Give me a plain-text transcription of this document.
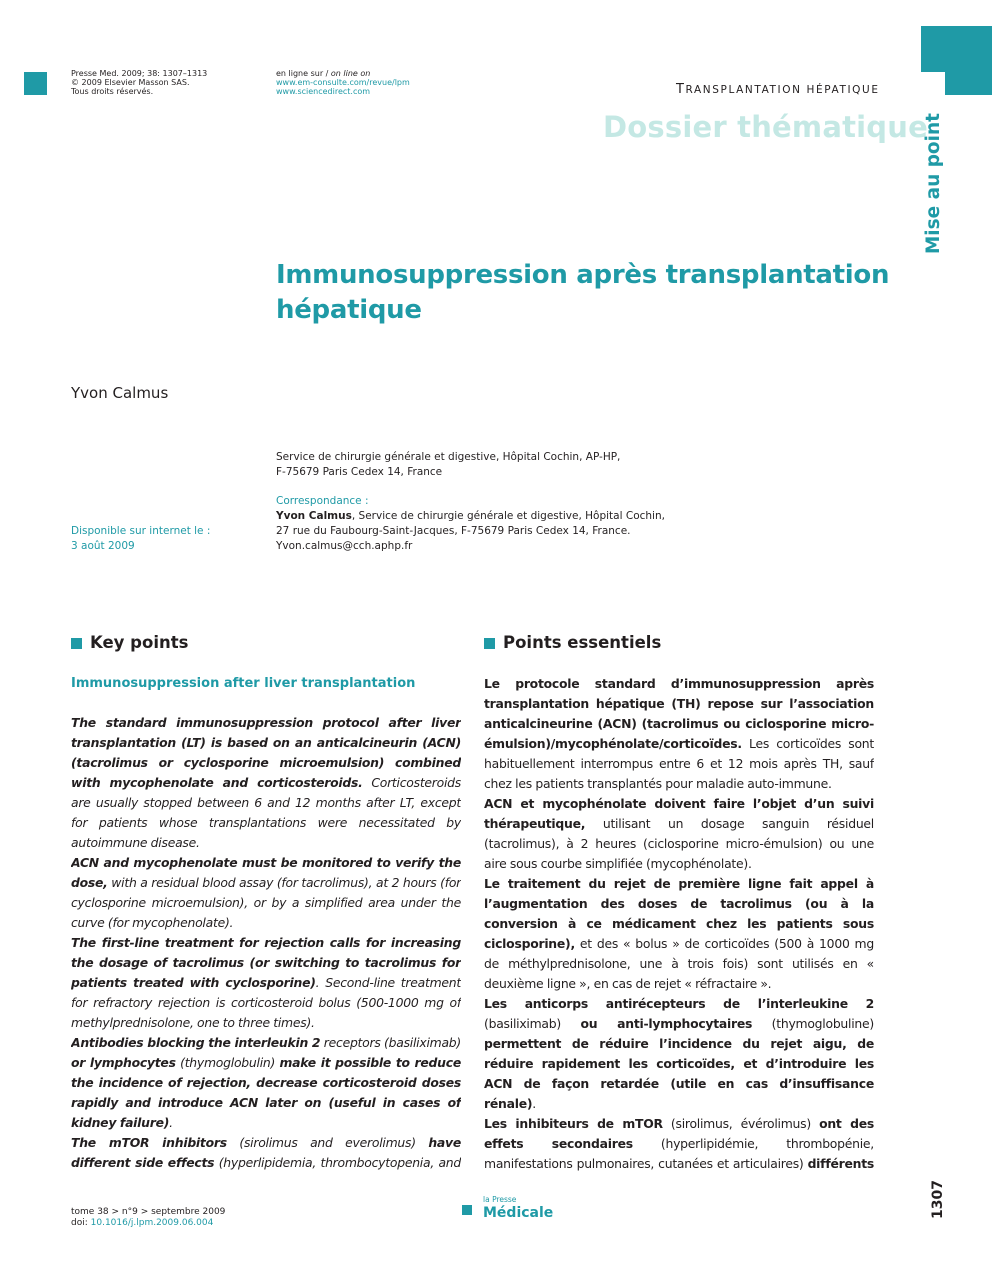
Presse Med. 2009; 38: 1307–1313
© 2009 Elsevier Masson SAS.
Tous droits réservés.
en ligne sur / on line on
www.em-consulte.com/revue/lpm
www.sciencedirect.com	TRANSPLANTATION HÉPATIQUE
Dossier thématique
Mise au point
Immunosuppression après transplantation
hépatique
Yvon Calmus
Service de chirurgie générale et digestive, Hôpital Cochin, AP-HP,
F-75679 Paris Cedex 14, France
Correspondance :
Yvon Calmus, Service de chirurgie générale et digestive, Hôpital Cochin,
27 rue du Faubourg-Saint-Jacques, F-75679 Paris Cedex 14, France.
Yvon.calmus@cch.aphp.fr
Disponible sur internet le :
3 août 2009
Key points
Immunosuppression after liver transplantation

The standard immunosuppression protocol after liver transplantation (LT) is based on an anticalcineurin (ACN) (tacrolimus or cyclosporine microemulsion) combined with mycophenolate and corticosteroids. Corticosteroids are usually stopped between 6 and 12 months after LT, except for patients whose transplantations were necessitated by autoimmune disease.

ACN and mycophenolate must be monitored to verify the dose, with a residual blood assay (for tacrolimus), at 2 hours (for cyclosporine microemulsion), or by a simplified area under the curve (for mycophenolate).

The first-line treatment for rejection calls for increasing the dosage of tacrolimus (or switching to tacrolimus for patients treated with cyclosporine). Second-line treatment for refractory rejection is corticosteroid bolus (500-1000 mg of methylprednisolone, one to three times).

Antibodies blocking the interleukin 2 receptors (basiliximab) or lymphocytes (thymoglobulin) make it possible to reduce the incidence of rejection, decrease corticosteroid doses rapidly and introduce ACN later on (useful in cases of kidney failure).

The mTOR inhibitors (sirolimus and everolimus) have different side effects (hyperlipidemia, thrombocytopenia, and

Points essentiels

Le protocole standard d’immunosuppression après transplantation hépatique (TH) repose sur l’association anticalcineurine (ACN) (tacrolimus ou ciclosporine micro-émulsion)/mycophénolate/corticoïdes. Les corticoïdes sont habituellement interrompus entre 6 et 12 mois après TH, sauf chez les patients transplantés pour maladie auto-immune.

ACN et mycophénolate doivent faire l’objet d’un suivi thérapeutique, utilisant un dosage sanguin résiduel (tacrolimus), à 2 heures (ciclosporine micro-émulsion) ou une aire sous courbe simplifiée (mycophénolate).

Le traitement du rejet de première ligne fait appel à l’augmentation des doses de tacrolimus (ou à la conversion à ce médicament chez les patients sous ciclosporine), et des « bolus » de corticoïdes (500 à 1000 mg de méthylprednisolone, une à trois fois) sont utilisés en « deuxième ligne », en cas de rejet « réfractaire ».

Les anticorps antirécepteurs de l’interleukine 2 (basiliximab) ou anti-lymphocytaires (thymoglobuline) permettent de réduire l’incidence du rejet aigu, de réduire rapidement les corticoïdes, et d’introduire les ACN de façon retardée (utile en cas d’insuffisance rénale).

Les inhibiteurs de mTOR (sirolimus, évérolimus) ont des effets secondaires (hyperlipidémie, thrombopénie, manifestations pulmonaires, cutanées et articulaires) différents

tome 38 > n°9 > septembre 2009
doi: 10.1016/j.lpm.2009.06.004
la Presse
Médicale	1307
